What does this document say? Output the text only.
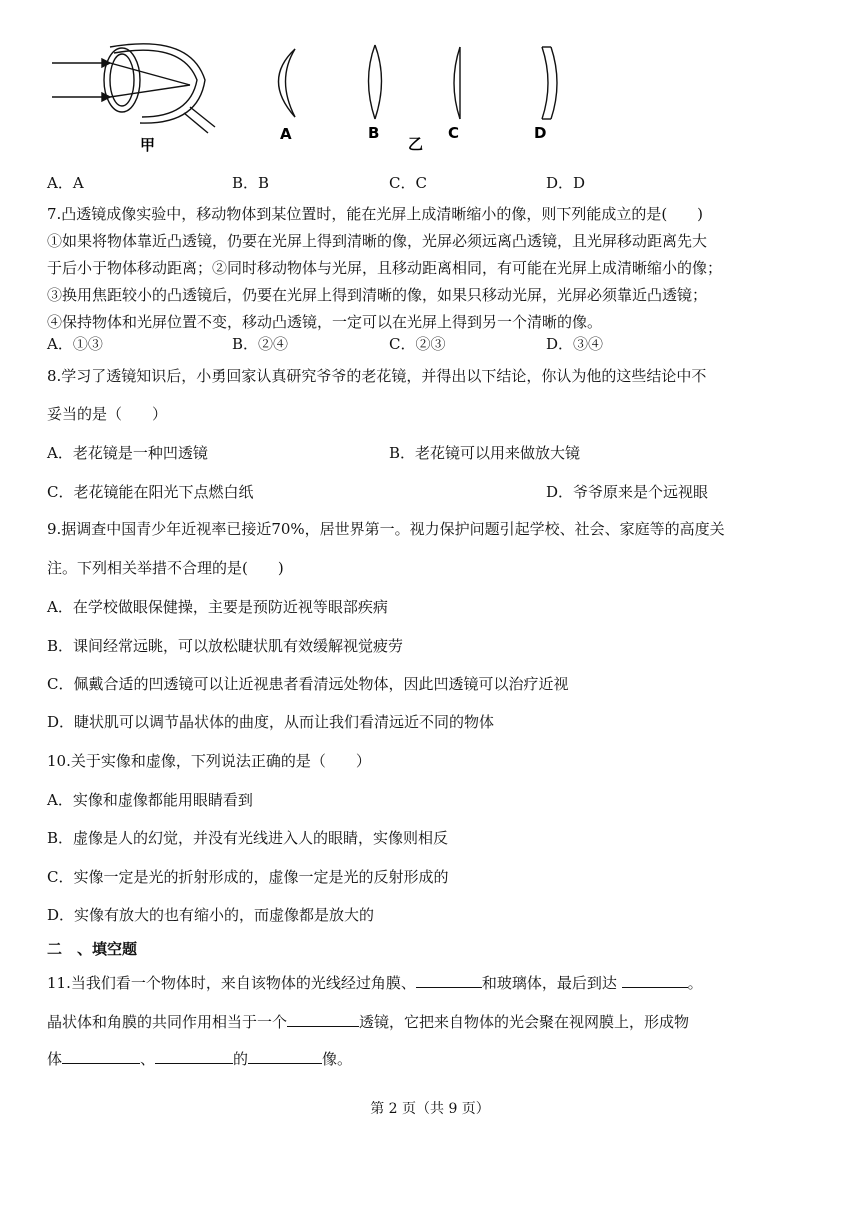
甲
A	B
乙
C	D
A．A	B．B	C．C	D．D
7.凸透镜成像实验中，移动物体到某位置时，能在光屏上成清晰缩小的像，则下列能成立的是(　　)
①如果将物体靠近凸透镜，仍要在光屏上得到清晰的像，光屏必须远离凸透镜，且光屏移动距离先大
于后小于物体移动距离；②同时移动物体与光屏，且移动距离相同，有可能在光屏上成清晰缩小的像；
③换用焦距较小的凸透镜后，仍要在光屏上得到清晰的像，如果只移动光屏，光屏必须靠近凸透镜；
④保持物体和光屏位置不变，移动凸透镜，一定可以在光屏上得到另一个清晰的像。
A．①③	B．②④	C．②③	D．③④
8.学习了透镜知识后，小勇回家认真研究爷爷的老花镜，并得出以下结论，你认为他的这些结论中不
妥当的是（　　）
A．老花镜是一种凹透镜	B．老花镜可以用来做放大镜
C．老花镜能在阳光下点燃白纸	D．爷爷原来是个远视眼
9.据调查中国青少年近视率已接近70%，居世界第一。视力保护问题引起学校、社会、家庭等的高度关
注。下列相关举措不合理的是(　　)
A．在学校做眼保健操，主要是预防近视等眼部疾病
B．课间经常远眺，可以放松睫状肌有效缓解视觉疲劳
C．佩戴合适的凹透镜可以让近视患者看清远处物体，因此凹透镜可以治疗近视
D．睫状肌可以调节晶状体的曲度，从而让我们看清远近不同的物体
10.关于实像和虚像，下列说法正确的是（　　）
A．实像和虚像都能用眼睛看到
B．虚像是人的幻觉，并没有光线进入人的眼睛，实像则相反
C．实像一定是光的折射形成的，虚像一定是光的反射形成的
D．实像有放大的也有缩小的，而虚像都是放大的
二　、填空题
11.当我们看一个物体时，来自该物体的光线经过角膜、	和玻璃体，最后到达	。
晶状体和角膜的共同作用相当于一个	透镜，它把来自物体的光会聚在视网膜上，形成物
体	、	的	像。
第 2 页（共 9 页）
